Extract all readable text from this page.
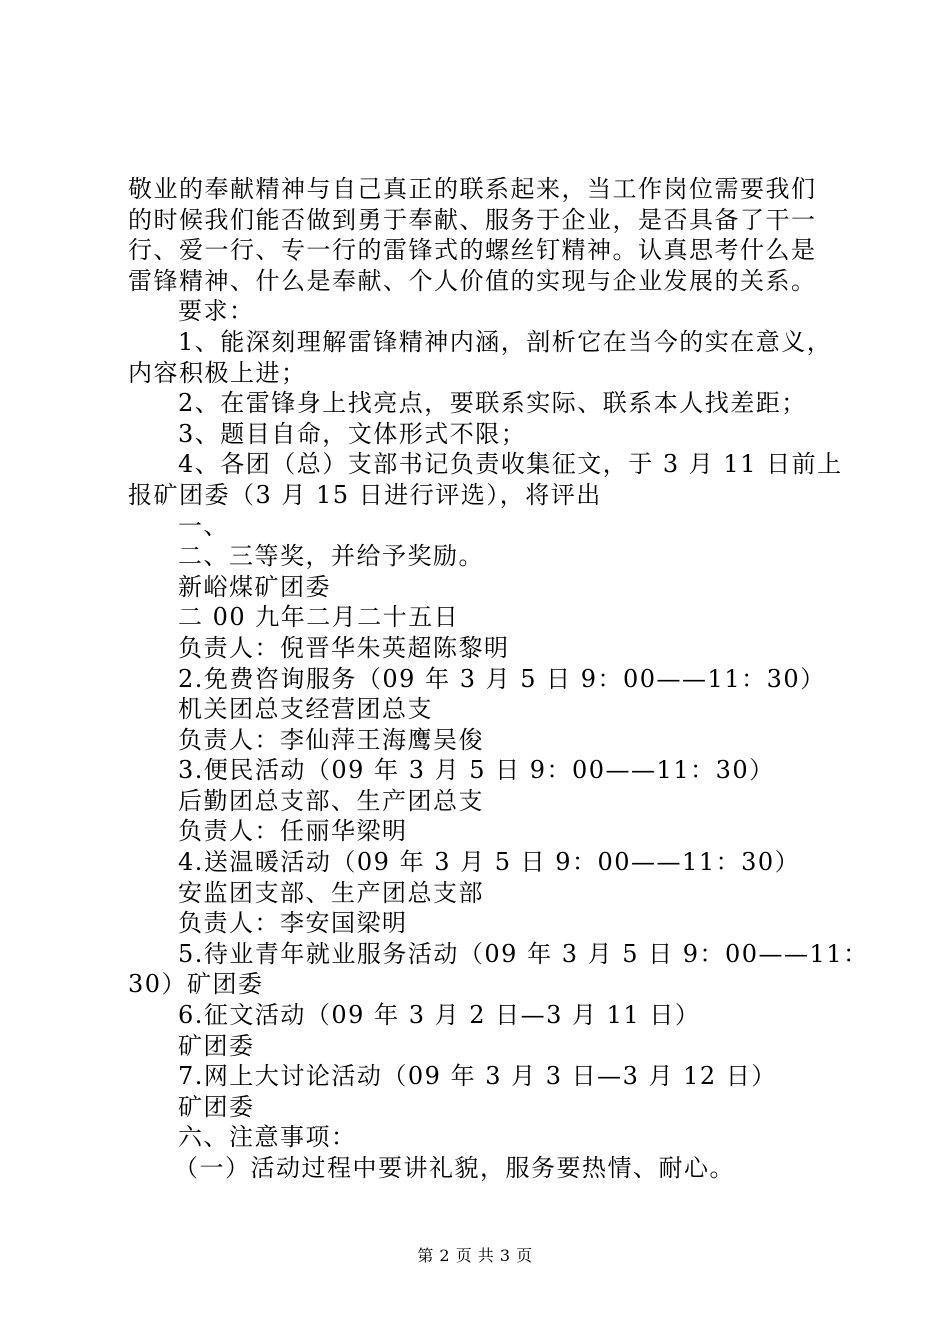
敬业的奉献精神与自己真正的联系起来，当工作岗位需要我们
的时候我们能否做到勇于奉献、服务于企业，是否具备了干一
行、爱一行、专一行的雷锋式的螺丝钉精神。认真思考什么是
雷锋精神、什么是奉献、个人价值的实现与企业发展的关系。
要求：
1、能深刻理解雷锋精神内涵，剖析它在当今的实在意义，
内容积极上进；
2、在雷锋身上找亮点，要联系实际、联系本人找差距；
3、题目自命，文体形式不限；
4、各团（总）支部书记负责收集征文，于 3 月 11 日前上
报矿团委（3 月 15 日进行评选），将评出
一、
二、三等奖，并给予奖励。
新峪煤矿团委
二 00 九年二月二十五日
负责人：倪晋华朱英超陈黎明
2.免费咨询服务（09 年 3 月 5 日 9：00——11：30）
机关团总支经营团总支
负责人：李仙萍王海鹰吴俊
3.便民活动（09 年 3 月 5 日 9：00——11：30）
后勤团总支部、生产团总支
负责人：任丽华梁明
4.送温暖活动（09 年 3 月 5 日 9：00——11：30）
安监团支部、生产团总支部
负责人：李安国梁明
5.待业青年就业服务活动（09 年 3 月 5 日 9：00——11：
30）矿团委
6.征文活动（09 年 3 月 2 日—3 月 11 日）
矿团委
7.网上大讨论活动（09 年 3 月 3 日—3 月 12 日）
矿团委
六、注意事项：
（一）活动过程中要讲礼貌，服务要热情、耐心。
第 2 页 共 3 页
